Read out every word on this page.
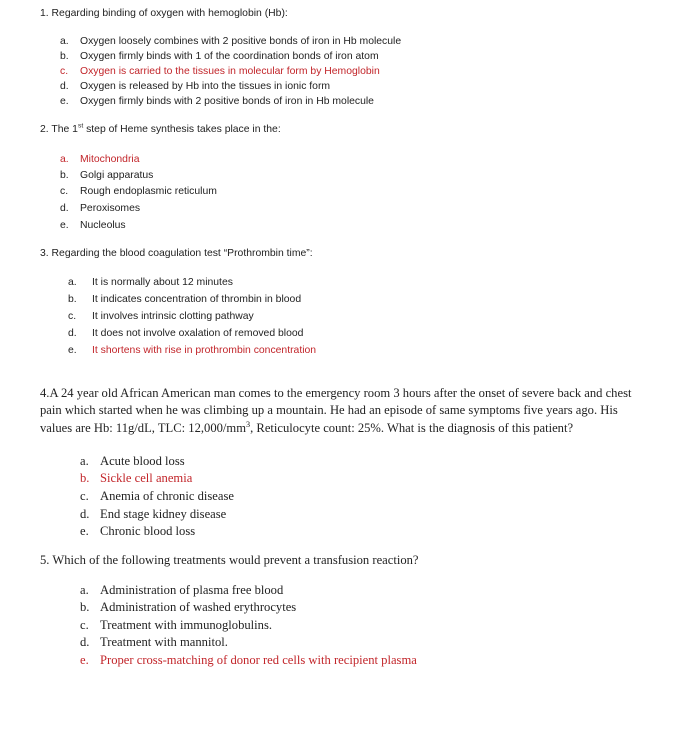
1. Regarding binding of oxygen with hemoglobin (Hb):

a. Oxygen loosely combines with 2 positive bonds of iron in Hb molecule
b. Oxygen firmly binds with 1 of the coordination bonds of iron atom
c. Oxygen is carried to the tissues in molecular form by Hemoglobin
d. Oxygen is released by Hb into the tissues in ionic form
e. Oxygen firmly binds with 2 positive bonds of iron in Hb molecule

2. The 1st step of Heme synthesis takes place in the:

a. Mitochondria
b. Golgi apparatus
c. Rough endoplasmic reticulum
d. Peroxisomes
e. Nucleolus

3. Regarding the blood coagulation test “Prothrombin time”:

a. It is normally about 12 minutes
b. It indicates concentration of thrombin in blood
c. It involves intrinsic clotting pathway
d. It does not involve oxalation of removed blood
e. It shortens with rise in prothrombin concentration

4.A 24 year old African American man comes to the emergency room 3 hours after the onset of severe back and chest pain which started when he was climbing up a mountain. He had an episode of same symptoms five years ago. His values are Hb: 11g/dL, TLC: $12,000/mm^3$, Reticulocyte count: 25%. What is the diagnosis of this patient?

a. Acute blood loss
b. Sickle cell anemia
c. Anemia of chronic disease
d. End stage kidney disease
e. Chronic blood loss

5. Which of the following treatments would prevent a transfusion reaction?

a. Administration of plasma free blood
b. Administration of washed erythrocytes
c. Treatment with immunoglobulins.
d. Treatment with mannitol.
e. Proper cross-matching of donor red cells with recipient plasma
